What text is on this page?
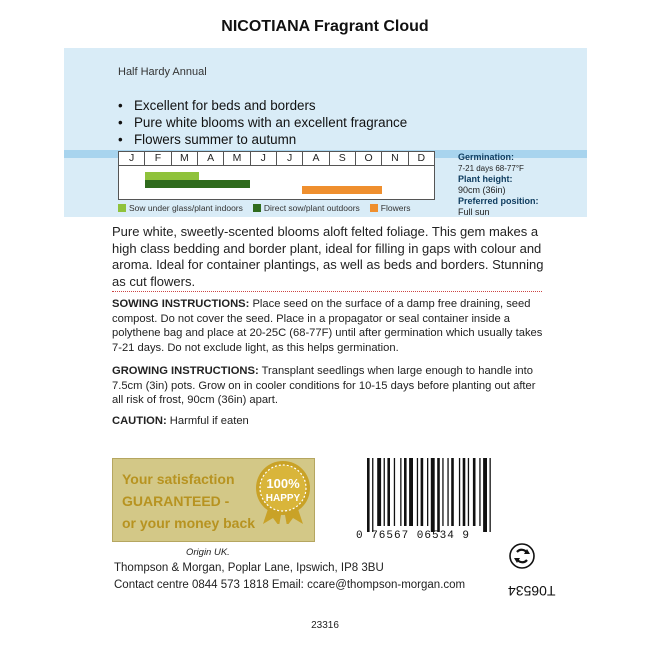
NICOTIANA Fragrant Cloud
Half Hardy Annual
• Excellent for beds and borders
• Pure white blooms with an excellent fragrance
• Flowers summer to autumn
J	F	M	A	M	J	J	A	S	O	N	D
Sow under glass/plant indoors Direct sow/plant outdoors Flowers
Germination:
7-21 days 68-77°F
Plant height:
90cm (36in)
Preferred position:
Full sun
Pure white, sweetly-scented blooms aloft felted foliage. This gem makes a high class bedding and border plant, ideal for filling in gaps with colour and aroma. Ideal for container plantings, as well as beds and borders. Stunning as cut flowers.
SOWING INSTRUCTIONS: Place seed on the surface of a damp free draining, seed compost. Do not cover the seed. Place in a propagator or seal container inside a polythene bag and place at 20-25C (68-77F) until after germination which usually takes 7-21 days. Do not exclude light, as this helps germination.
GROWING INSTRUCTIONS: Transplant seedlings when large enough to handle into 7.5cm (3in) pots. Grow on in cooler conditions for 10-15 days before planting out after all risk of frost, 90cm (36in) apart.
CAUTION: Harmful if eaten
Your satisfaction
GUARANTEED -
or your money back
100%
HAPPY
Origin UK.
Thompson & Morgan, Poplar Lane, Ipswich, IP8 3BU
Contact centre 0844 573 1818 Email: ccare@thompson-morgan.com
0 76567 06534 9
T06534
23316
